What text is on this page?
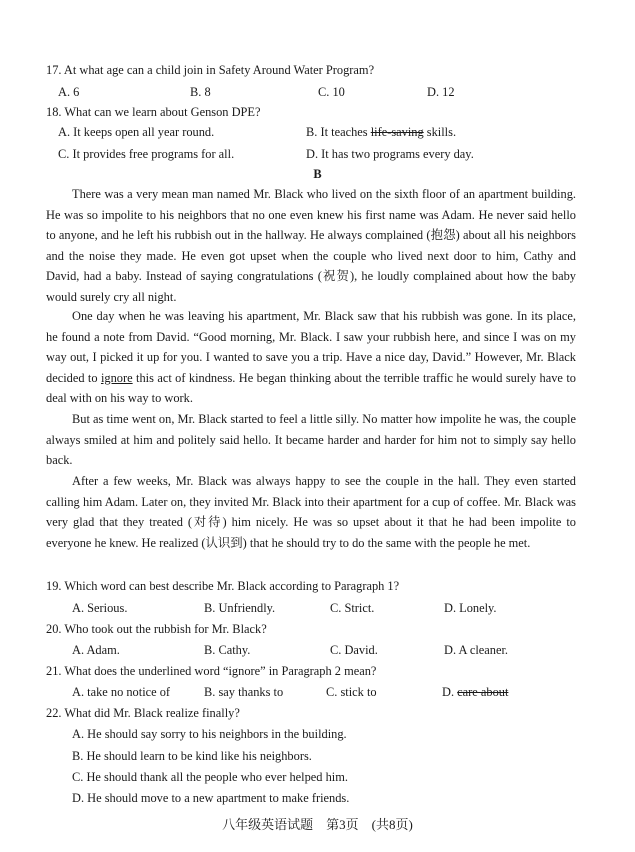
17. At what age can a child join in Safety Around Water Program?
A. 6	B. 8	C. 10	D. 12
18. What can we learn about Genson DPE?
A. It keeps open all year round.	B. It teaches life-saving skills.
C. It provides free programs for all.	D. It has two programs every day.
B
There was a very mean man named Mr. Black who lived on the sixth floor of an apartment building. He was so impolite to his neighbors that no one even knew his first name was Adam. He never said hello to anyone, and he left his rubbish out in the hallway. He always complained (抱怨) about all his neighbors and the noise they made. He even got upset when the couple who lived next door to him, Cathy and David, had a baby. Instead of saying congratulations (祝贺), he loudly complained about how the baby would surely cry all night.
One day when he was leaving his apartment, Mr. Black saw that his rubbish was gone. In its place, he found a note from David. “Good morning, Mr. Black. I saw your rubbish here, and since I was on my way out, I picked it up for you. I wanted to save you a trip. Have a nice day, David.” However, Mr. Black decided to ignore this act of kindness. He began thinking about the terrible traffic he would surely have to deal with on his way to work.
But as time went on, Mr. Black started to feel a little silly. No matter how impolite he was, the couple always smiled at him and politely said hello. It became harder and harder for him not to simply say hello back.
After a few weeks, Mr. Black was always happy to see the couple in the hall. They even started calling him Adam. Later on, they invited Mr. Black into their apartment for a cup of coffee. Mr. Black was very glad that they treated (对待) him nicely. He was so upset about it that he had been impolite to everyone he knew. He realized (认识到) that he should try to do the same with the people he met.
19. Which word can best describe Mr. Black according to Paragraph 1?
A. Serious.	B. Unfriendly.	C. Strict.	D. Lonely.
20. Who took out the rubbish for Mr. Black?
A. Adam.	B. Cathy.	C. David.	D. A cleaner.
21. What does the underlined word “ignore” in Paragraph 2 mean?
A. take no notice of	B. say thanks to	C. stick to	D. care about
22. What did Mr. Black realize finally?
A. He should say sorry to his neighbors in the building.
B. He should learn to be kind like his neighbors.
C. He should thank all the people who ever helped him.
D. He should move to a new apartment to make friends.
八年级英语试题　第3页　(共8页)
